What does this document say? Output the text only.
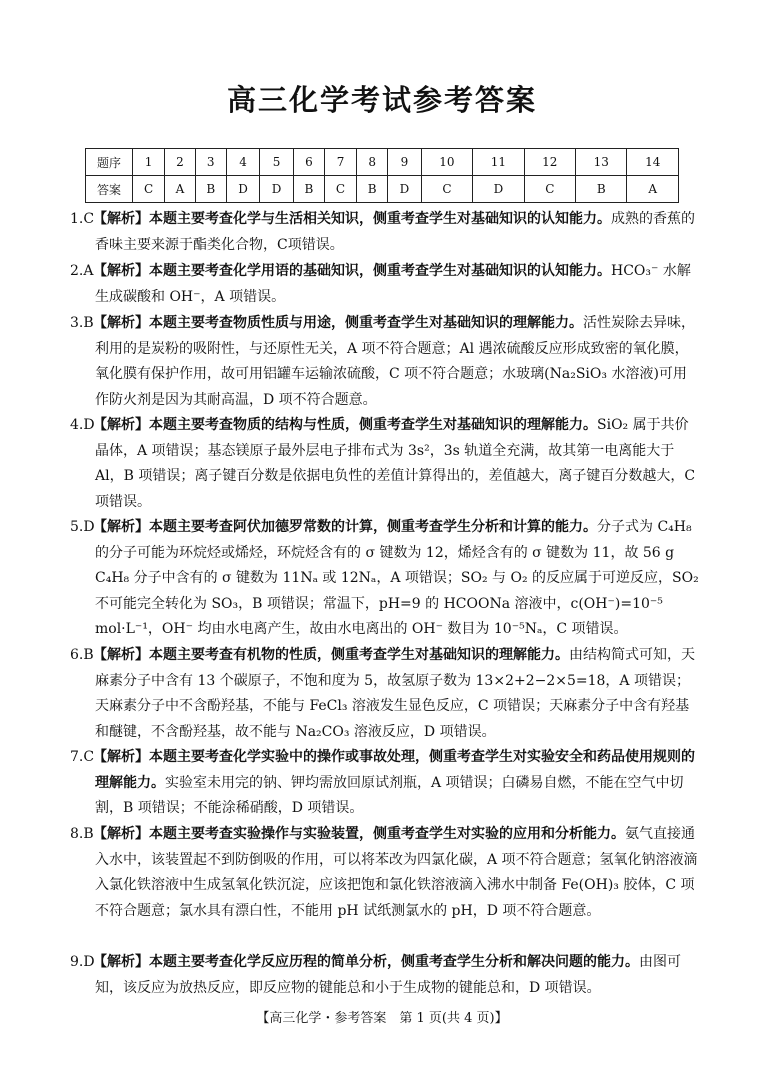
高三化学考试参考答案
题序	1	2	3	4	5	6	7	8	9	10	11	12	13	14
答案	C	A	B	D	D	B	C	B	D	C	D	C	B	A
1.C
【解析】本题主要考查化学与生活相关知识，侧重考查学生对基础知识的认知能力。成熟的香蕉的香味主要来源于酯类化合物，C项错误。
2.A 【解析】本题主要考查化学用语的基础知识，侧重考查学生对基础知识的认知能力。HCO₃⁻ 水解生成碳酸和 OH⁻，A 项错误。
3.B 【解析】本题主要考查物质性质与用途，侧重考查学生对基础知识的理解能力。活性炭除去异味，利用的是炭粉的吸附性，与还原性无关，A 项不符合题意；Al 遇浓硫酸反应形成致密的氧化膜，氧化膜有保护作用，故可用铝罐车运输浓硫酸，C 项不符合题意；水玻璃(Na₂SiO₃ 水溶液)可用作防火剂是因为其耐高温，D 项不符合题意。
4.D
【解析】本题主要考查物质的结构与性质，侧重考查学生对基础知识的理解能力。SiO₂ 属于共价晶体，A 项错误；基态镁原子最外层电子排布式为 3s²，3s 轨道全充满，故其第一电离能大于 Al，B 项错误；离子键百分数是依据电负性的差值计算得出的，差值越大，离子键百分数越大，C 项错误。
5.D
【解析】本题主要考查阿伏加德罗常数的计算，侧重考查学生分析和计算的能力。分子式为 C₄H₈ 的分子可能为环烷烃或烯烃，环烷烃含有的 σ 键数为 12，烯烃含有的 σ 键数为 11，故 56 g C₄H₈ 分子中含有的 σ 键数为 11Nₐ 或 12Nₐ，A 项错误；SO₂ 与 O₂ 的反应属于可逆反应，SO₂ 不可能完全转化为 SO₃，B 项错误；常温下，pH=9 的 HCOONa 溶液中，c(OH⁻)=10⁻⁵ mol·L⁻¹，OH⁻ 均由水电离产生，故由水电离出的 OH⁻ 数目为 10⁻⁵Nₐ，C 项错误。
6.B 【解析】本题主要考查有机物的性质，侧重考查学生对基础知识的理解能力。由结构简式可知，天麻素分子中含有 13 个碳原子，不饱和度为 5，故氢原子数为 13×2+2−2×5=18，A 项错误；天麻素分子中不含酚羟基，不能与 FeCl₃ 溶液发生显色反应，C 项错误；天麻素分子中含有羟基和醚键，不含酚羟基，故不能与 Na₂CO₃ 溶液反应，D 项错误。
7.C
【解析】本题主要考查化学实验中的操作或事故处理，侧重考查学生对实验安全和药品使用规则的理解能力。实验室未用完的钠、钾均需放回原试剂瓶，A 项错误；白磷易自燃，不能在空气中切割，B 项错误；不能涂稀硝酸，D 项错误。
8.B 【解析】本题主要考查实验操作与实验装置，侧重考查学生对实验的应用和分析能力。氨气直接通入水中，该装置起不到防倒吸的作用，可以将苯改为四氯化碳，A 项不符合题意；氢氧化钠溶液滴入氯化铁溶液中生成氢氧化铁沉淀，应该把饱和氯化铁溶液滴入沸水中制备 Fe(OH)₃ 胶体，C 项不符合题意；氯水具有漂白性，不能用 pH 试纸测氯水的 pH，D 项不符合题意。
9.D
【解析】本题主要考查化学反应历程的简单分析，侧重考查学生分析和解决问题的能力。由图可知，该反应为放热反应，即反应物的键能总和小于生成物的键能总和，D 项错误。
【高三化学・参考答案　第 1 页(共 4 页)】
